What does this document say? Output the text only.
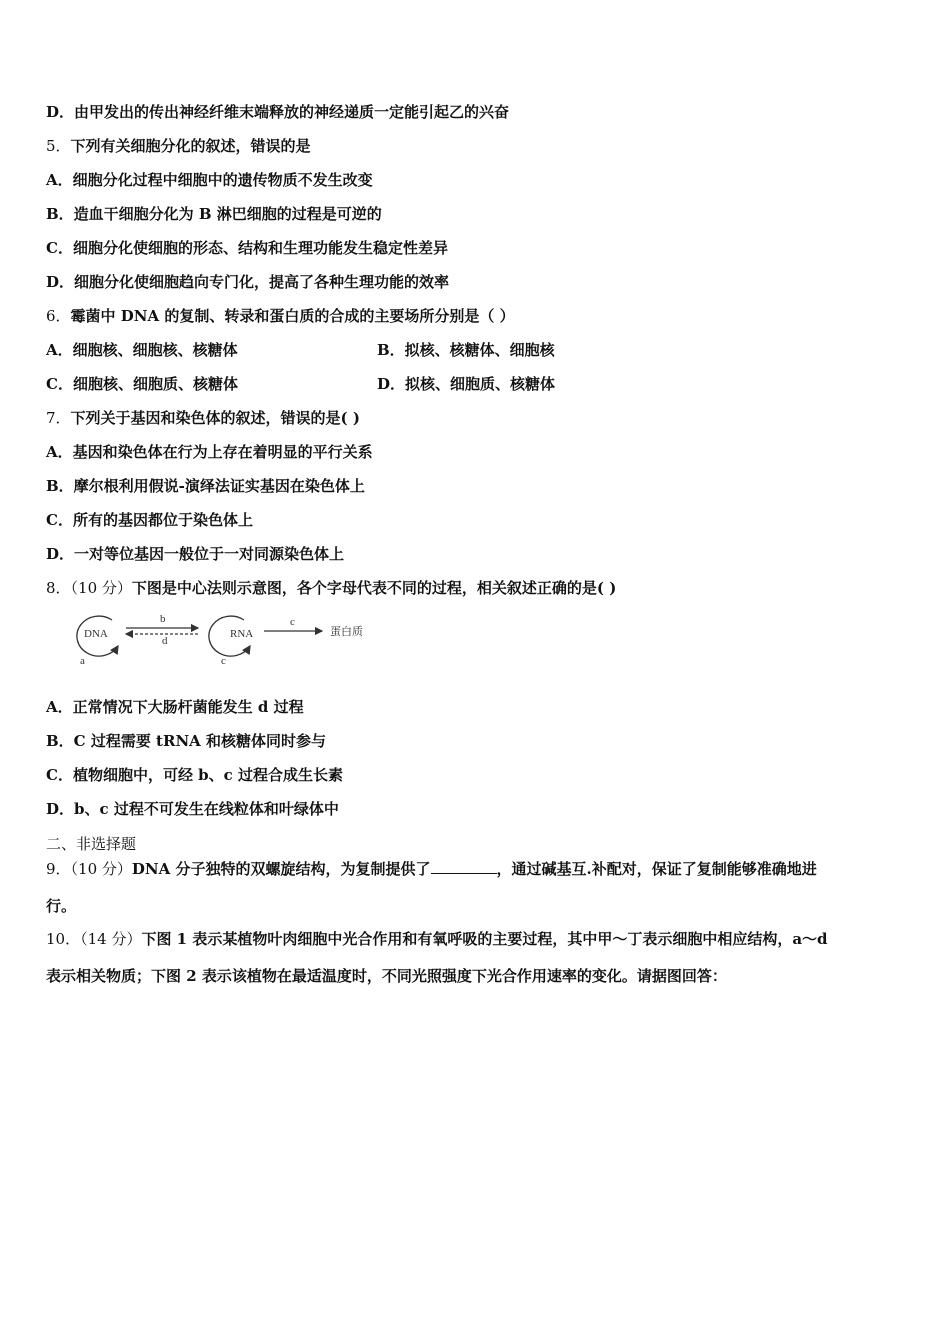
D．由甲发出的传出神经纤维末端释放的神经递质一定能引起乙的兴奋
5．下列有关细胞分化的叙述，错误的是
A．细胞分化过程中细胞中的遗传物质不发生改变
B．造血干细胞分化为 B 淋巴细胞的过程是可逆的
C．细胞分化使细胞的形态、结构和生理功能发生稳定性差异
D．细胞分化使细胞趋向专门化，提高了各种生理功能的效率
6．霉菌中 DNA 的复制、转录和蛋白质的合成的主要场所分别是（ ）
A．细胞核、细胞核、核糖体	B．拟核、核糖体、细胞核
C．细胞核、细胞质、核糖体	D．拟核、细胞质、核糖体
7．下列关于基因和染色体的叙述，错误的是( )
A．基因和染色体在行为上存在着明显的平行关系
B．摩尔根利用假说-演绎法证实基因在染色体上
C．所有的基因都位于染色体上
D．一对等位基因一般位于一对同源染色体上
8．（10 分）下图是中心法则示意图，各个字母代表不同的过程，相关叙述正确的是( )
DNA
a
b
d
RNA
c
c
蛋白质
A．正常情况下大肠杆菌能发生 d 过程
B．C 过程需要 tRNA 和核糖体同时参与
C．植物细胞中，可经 b、c 过程合成生长素
D．b、c 过程不可发生在线粒体和叶绿体中
二、非选择题
9．（10 分）DNA 分子独特的双螺旋结构，为复制提供了	，通过碱基互.补配对，保证了复制能够准确地进
行。
10．（14 分）下图 1 表示某植物叶肉细胞中光合作用和有氧呼吸的主要过程，其中甲～丁表示细胞中相应结构，a～d
表示相关物质；下图 2 表示该植物在最适温度时，不同光照强度下光合作用速率的变化。请据图回答：
